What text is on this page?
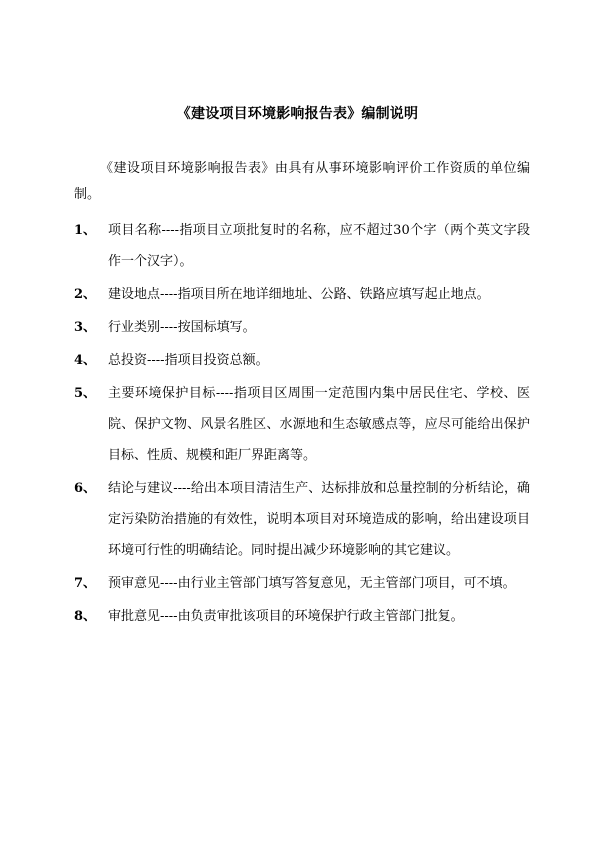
《建设项目环境影响报告表》编制说明
《建设项目环境影响报告表》由具有从事环境影响评价工作资质的单位编制。
1、 项目名称----指项目立项批复时的名称，应不超过30个字（两个英文字段作一个汉字）。
2、 建设地点----指项目所在地详细地址、公路、铁路应填写起止地点。
3、 行业类别----按国标填写。
4、 总投资----指项目投资总额。
5、 主要环境保护目标----指项目区周围一定范围内集中居民住宅、学校、医院、保护文物、风景名胜区、水源地和生态敏感点等，应尽可能给出保护目标、性质、规模和距厂界距离等。
6、 结论与建议----给出本项目清洁生产、达标排放和总量控制的分析结论，确定污染防治措施的有效性，说明本项目对环境造成的影响，给出建设项目环境可行性的明确结论。同时提出减少环境影响的其它建议。
7、 预审意见----由行业主管部门填写答复意见，无主管部门项目，可不填。
8、 审批意见----由负责审批该项目的环境保护行政主管部门批复。
